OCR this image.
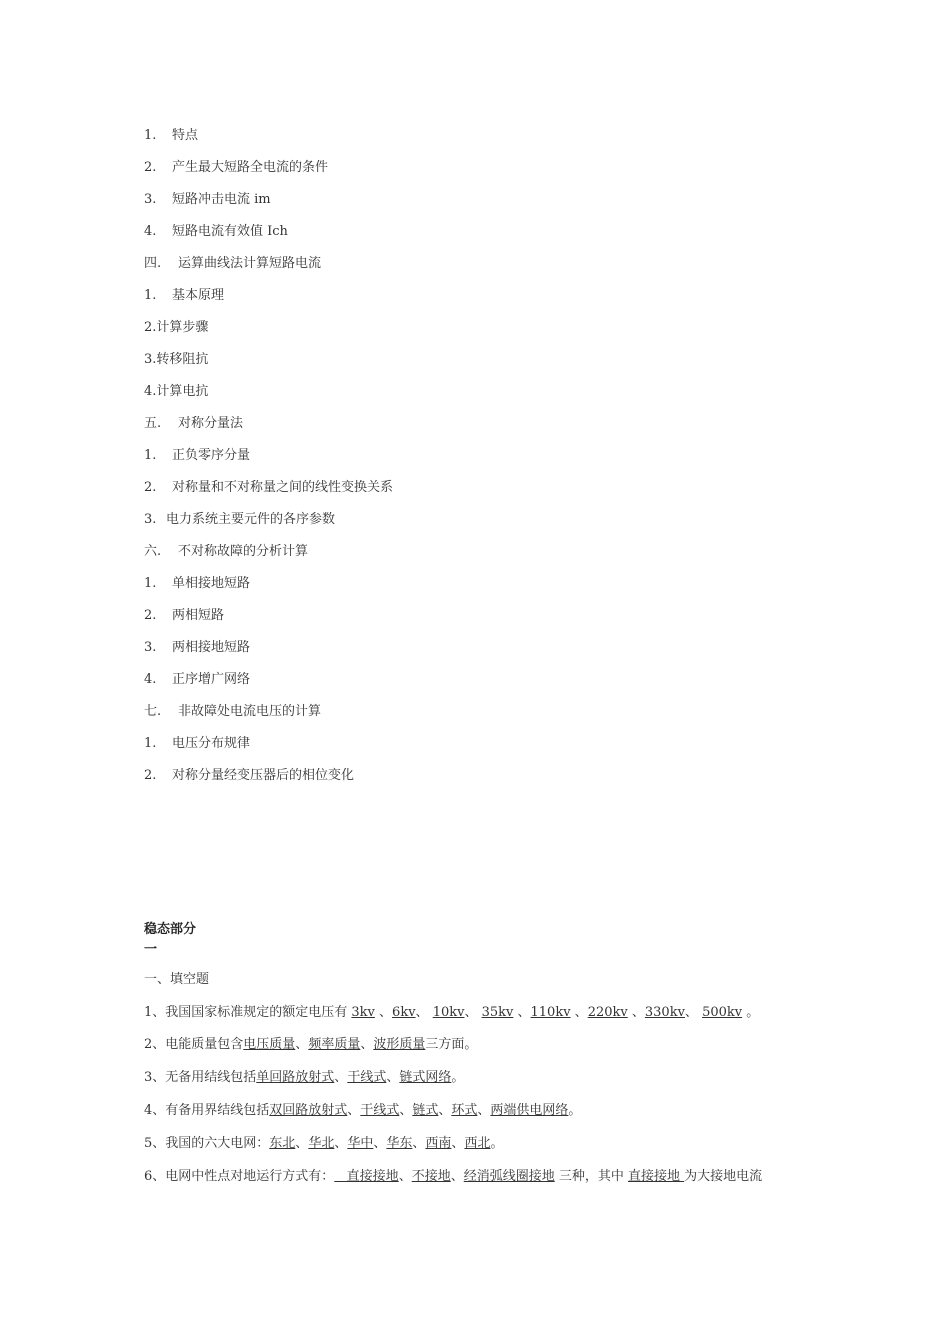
1. 特点
2. 产生最大短路全电流的条件
3. 短路冲击电流 im
4. 短路电流有效值 Ich
四. 运算曲线法计算短路电流
1. 基本原理
2.计算步骤
3.转移阻抗
4.计算电抗
五. 对称分量法
1. 正负零序分量
2. 对称量和不对称量之间的线性变换关系
3. 电力系统主要元件的各序参数
六. 不对称故障的分析计算
1. 单相接地短路
2. 两相短路
3. 两相接地短路
4. 正序增广网络
七. 非故障处电流电压的计算
1. 电压分布规律
2. 对称分量经变压器后的相位变化
稳态部分
一
一、填空题
1、我国国家标准规定的额定电压有 3kv 、6kv、 10kv、 35kv 、110kv 、220kv 、330kv、 500kv 。
2、电能质量包含电压质量、频率质量、波形质量三方面。
3、无备用结线包括单回路放射式、干线式、链式网络。
4、有备用界结线包括双回路放射式、干线式、链式、环式、两端供电网络。
5、我国的六大电网：东北、华北、华中、华东、西南、西北。
6、电网中性点对地运行方式有：   直接接地、不接地、经消弧线圈接地 三种，其中 直接接地 为大接地电流
